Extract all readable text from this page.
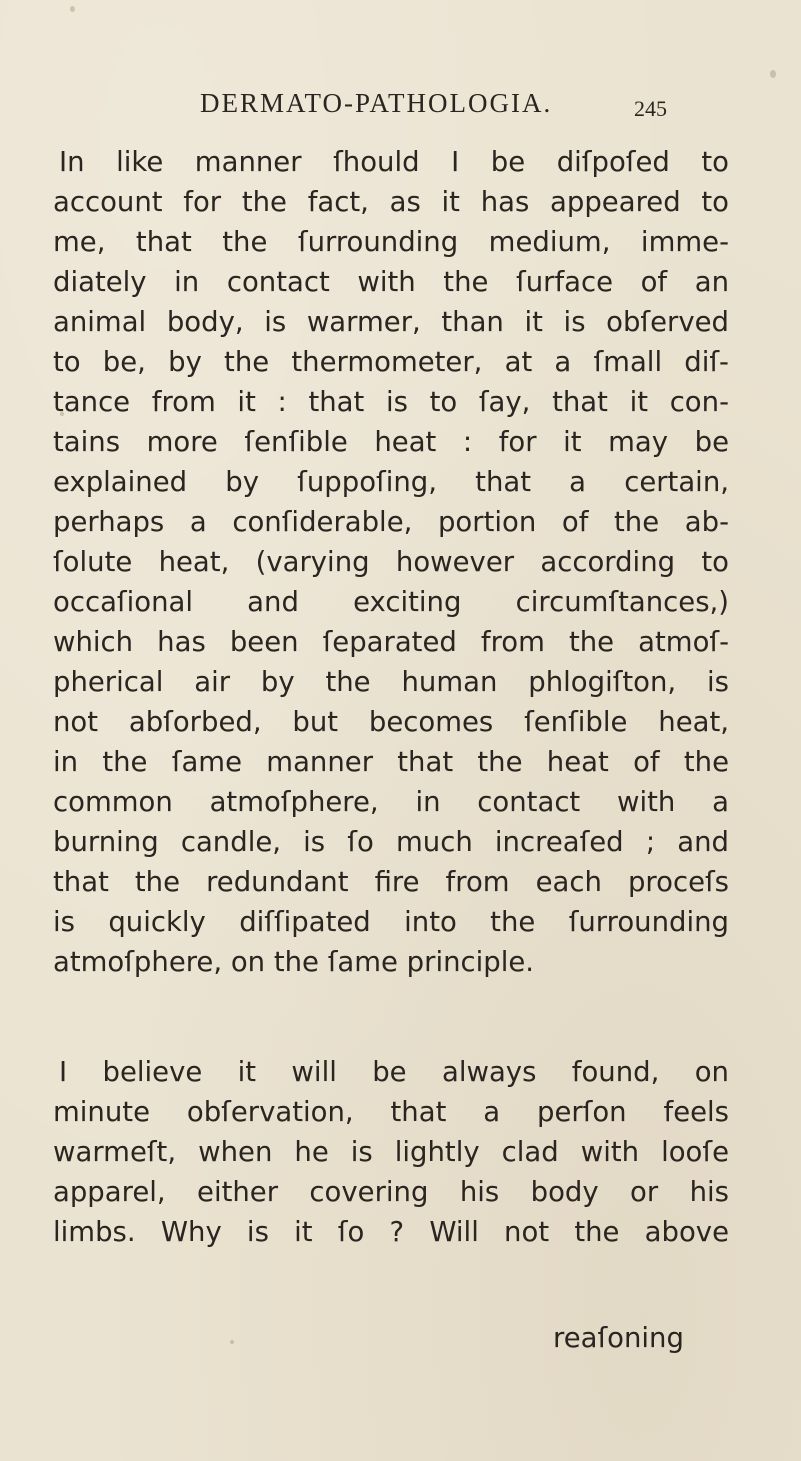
DERMATO-PATHOLOGIA.	245
In like manner ſhould I be diſpoſed to
account for the fact, as it has appeared to
me, that the ſurrounding medium, imme-
diately in contact with the ſurface of an
animal body, is warmer, than it is obſerved
to be, by the thermometer, at a ſmall diſ-
tance from it : that is to ſay, that it con-
tains more ſenſible heat : for it may be
explained by ſuppoſing, that a certain,
perhaps a conſiderable, portion of the ab-
ſolute heat, (varying however according to
occaſional and exciting circumſtances,)
which has been ſeparated from the atmoſ-
pherical air by the human phlogiſton, is
not abſorbed, but becomes ſenſible heat,
in the ſame manner that the heat of the
common atmoſphere, in contact with a
burning candle, is ſo much increaſed ; and
that the redundant fire from each proceſs
is quickly diſſipated into the ſurrounding
atmoſphere, on the ſame principle.
I believe it will be always found, on
minute obſervation, that a perſon feels
warmeſt, when he is lightly clad with looſe
apparel, either covering his body or his
limbs. Why is it ſo ? Will not the above
reaſoning
